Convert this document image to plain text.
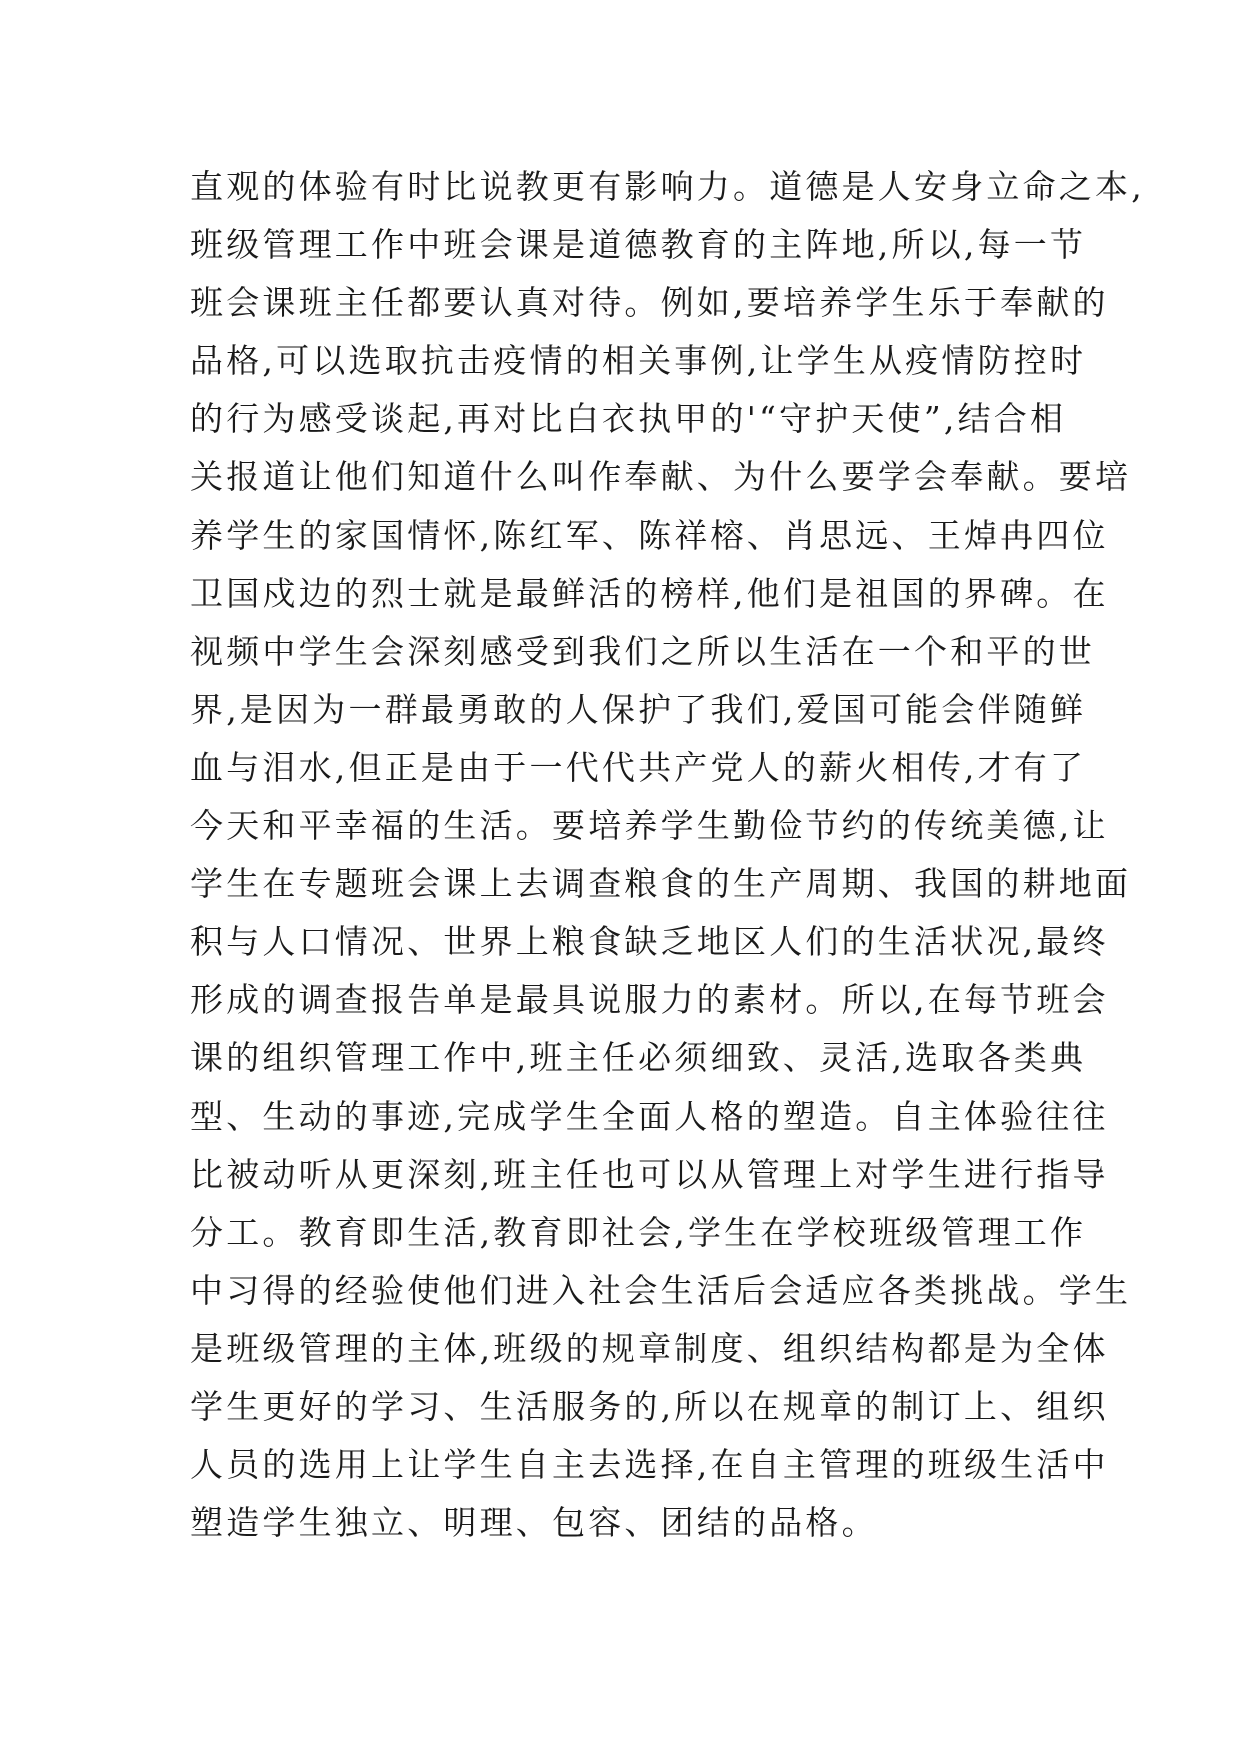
直观的体验有时比说教更有影响力。道德是人安身立命之本,
班级管理工作中班会课是道德教育的主阵地,所以,每一节
班会课班主任都要认真对待。例如,要培养学生乐于奉献的
品格,可以选取抗击疫情的相关事例,让学生从疫情防控时
的行为感受谈起,再对比白衣执甲的'“守护天使”,结合相
关报道让他们知道什么叫作奉献、为什么要学会奉献。要培
养学生的家国情怀,陈红军、陈祥榕、肖思远、王焯冉四位
卫国戍边的烈士就是最鲜活的榜样,他们是祖国的界碑。在
视频中学生会深刻感受到我们之所以生活在一个和平的世
界,是因为一群最勇敢的人保护了我们,爱国可能会伴随鲜
血与泪水,但正是由于一代代共产党人的薪火相传,才有了
今天和平幸福的生活。要培养学生勤俭节约的传统美德,让
学生在专题班会课上去调查粮食的生产周期、我国的耕地面
积与人口情况、世界上粮食缺乏地区人们的生活状况,最终
形成的调查报告单是最具说服力的素材。所以,在每节班会
课的组织管理工作中,班主任必须细致、灵活,选取各类典
型、生动的事迹,完成学生全面人格的塑造。自主体验往往
比被动听从更深刻,班主任也可以从管理上对学生进行指导
分工。教育即生活,教育即社会,学生在学校班级管理工作
中习得的经验使他们进入社会生活后会适应各类挑战。学生
是班级管理的主体,班级的规章制度、组织结构都是为全体
学生更好的学习、生活服务的,所以在规章的制订上、组织
人员的选用上让学生自主去选择,在自主管理的班级生活中
塑造学生独立、明理、包容、团结的品格。
